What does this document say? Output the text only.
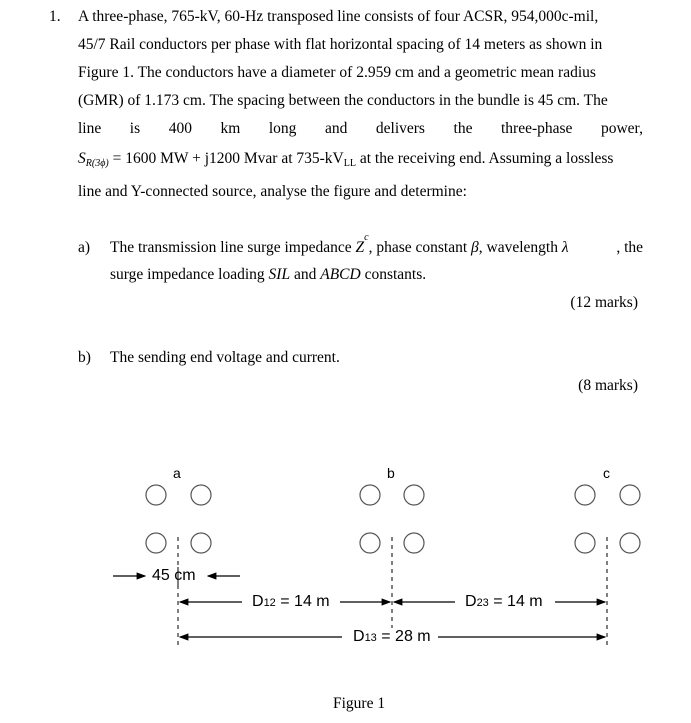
1. A three-phase, 765-kV, 60-Hz transposed line consists of four ACSR, 954,000c-mil,
45/7 Rail conductors per phase with flat horizontal spacing of 14 meters as shown in
Figure 1. The conductors have a diameter of 2.959 cm and a geometric mean radius
(GMR) of 1.173 cm. The spacing between the conductors in the bundle is 45 cm. The
line is 400 km long and delivers the three-phase power,
$S_{R(3\phi)} = 1600$ MW + j1200 Mvar at $735-kV_{LL}$ at the receiving end. Assuming a lossless
line and Y-connected source, analyse the figure and determine:
a) The transmission line surge impedance Z
c
, phase constant β , wavelength λ	, the
surge impedance loading SIL and ABCD constants.
(12 marks)
b) The sending end voltage and current.
(8 marks)
a	b	c
45 cm
D12 = 14 m	D23 = 14 m
D13 = 28 m
Figure 1
